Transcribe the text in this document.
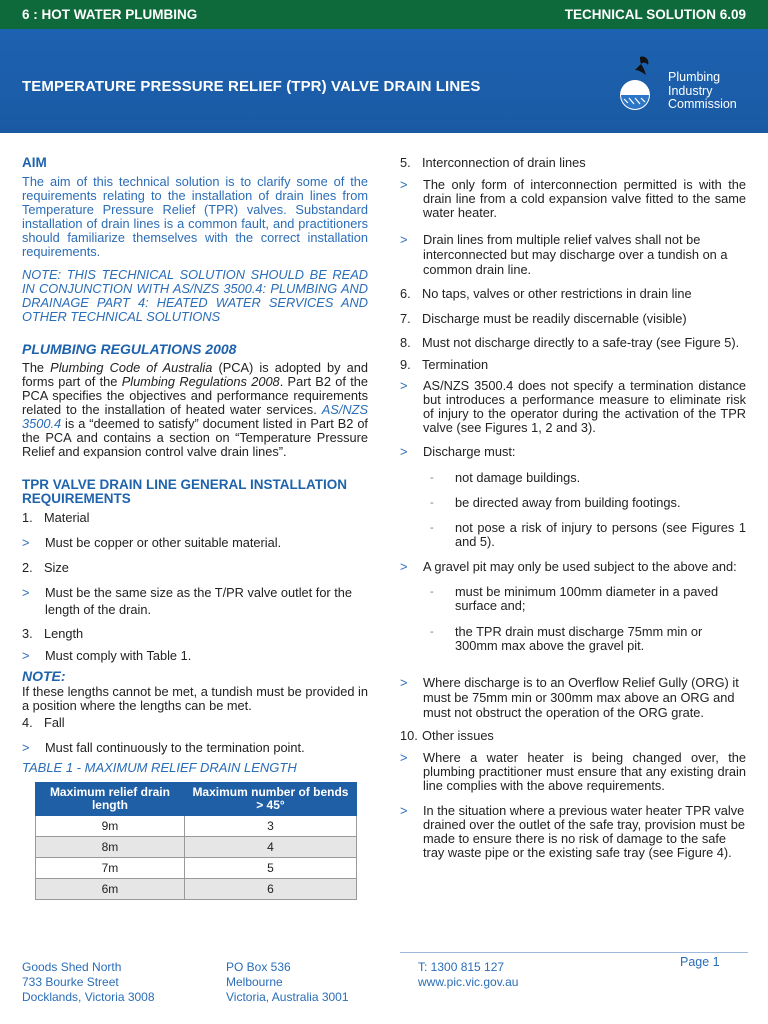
6 : HOT WATER PLUMBING	TECHNICAL SOLUTION 6.09
TEMPERATURE PRESSURE RELIEF (TPR) VALVE DRAIN LINES
Plumbing
Industry
Commission
AIM

The aim of this technical solution is to clarify some of the requirements relating to the installation of drain lines from Temperature Pressure Relief (TPR) valves. Substandard installation of drain lines is a common fault, and practitioners should familiarize themselves with the correct installation requirements.

NOTE: THIS TECHNICAL SOLUTION SHOULD BE READ IN CONJUNCTION WITH AS/NZS 3500.4: PLUMBING AND DRAINAGE PART 4: HEATED WATER SERVICES AND OTHER TECHNICAL SOLUTIONS

PLUMBING REGULATIONS 2008

The Plumbing Code of Australia (PCA) is adopted by and forms part of the Plumbing Regulations 2008. Part B2 of the PCA specifies the objectives and performance requirements related to the installation of heated water services. AS/NZS 3500.4 is a “deemed to satisfy” document listed in Part B2 of the PCA and contains a section on “Temperature Pressure Relief and expansion control valve drain lines”.

TPR VALVE DRAIN LINE GENERAL INSTALLATION REQUIREMENTS
1. Material
>	Must be copper or other suitable material.
2. Size
>	Must be the same size as the T/PR valve outlet for the length of the drain.
3. Length
>	Must comply with Table 1.
NOTE:

If these lengths cannot be met, a tundish must be provided in a position where the lengths can be met.

4. Fall
>	Must fall continuously to the termination point.
TABLE 1 - MAXIMUM RELIEF DRAIN LENGTH
Maximum relief drain length	Maximum number of bends > 45°
9m	3
8m	4
7m	5
6m	6
5. Interconnection of drain lines
>	The only form of interconnection permitted is with the drain line from a cold expansion valve fitted to the same water heater.
>	Drain lines from multiple relief valves shall not be interconnected but may discharge over a tundish on a common drain line.
6. No taps, valves or other restrictions in drain line
7. Discharge must be readily discernable (visible)
8. Must not discharge directly to a safe-tray (see Figure 5).
9. Termination
>	AS/NZS 3500.4 does not specify a termination distance but introduces a performance measure to eliminate risk of injury to the operator during the activation of the TPR valve (see Figures 1, 2 and 3).
>	Discharge must:
-	not damage buildings.
-	be directed away from building footings.
-	not pose a risk of injury to persons (see Figures 1 and 5).
>	A gravel pit may only be used subject to the above and:
-	must be minimum 100mm diameter in a paved surface and;
-	the TPR drain must discharge 75mm min or 300mm max above the gravel pit.
>	Where discharge is to an Overflow Relief Gully (ORG) it must be 75mm min or 300mm max above an ORG and must not obstruct the operation of the ORG grate.
10. Other issues
>	Where a water heater is being changed over, the plumbing practitioner must ensure that any existing drain line complies with the above requirements.
>	In the situation where a previous water heater TPR valve drained over the outlet of the safe tray, provision must be made to ensure there is no risk of damage to the safe tray waste pipe or the existing safe tray (see Figure 4).
Goods Shed North
733 Bourke Street
Docklands, Victoria 3008
PO Box 536
Melbourne
Victoria, Australia 3001
T: 1300 815 127
www.pic.vic.gov.au
Page 1
